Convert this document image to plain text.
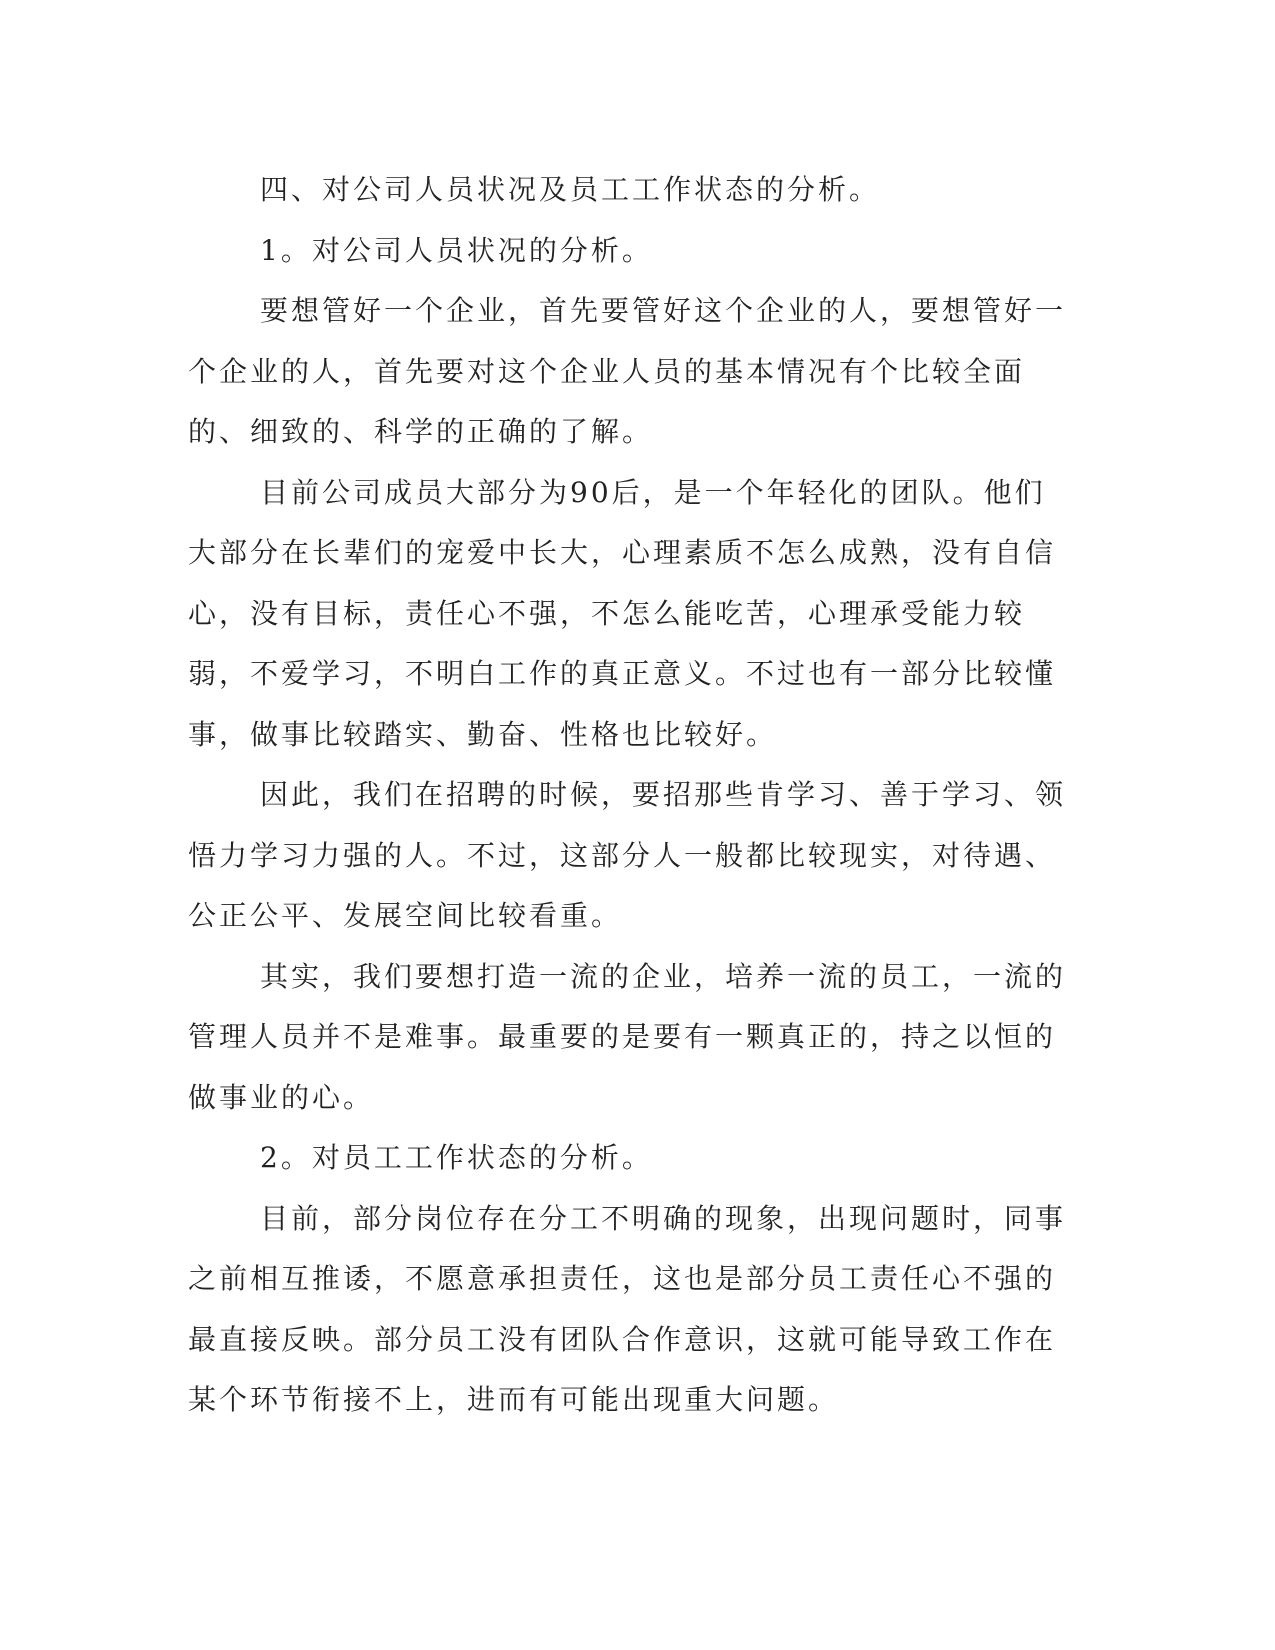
四、对公司人员状况及员工工作状态的分析。

1。对公司人员状况的分析。

要想管好一个企业，首先要管好这个企业的人，要想管好一个企业的人，首先要对这个企业人员的基本情况有个比较全面的、细致的、科学的正确的了解。

目前公司成员大部分为90后，是一个年轻化的团队。他们大部分在长辈们的宠爱中长大，心理素质不怎么成熟，没有自信心，没有目标，责任心不强，不怎么能吃苦，心理承受能力较弱，不爱学习，不明白工作的真正意义。不过也有一部分比较懂事，做事比较踏实、勤奋、性格也比较好。

因此，我们在招聘的时候，要招那些肯学习、善于学习、领悟力学习力强的人。不过，这部分人一般都比较现实，对待遇、公正公平、发展空间比较看重。

其实，我们要想打造一流的企业，培养一流的员工，一流的管理人员并不是难事。最重要的是要有一颗真正的，持之以恒的做事业的心。

2。对员工工作状态的分析。

目前，部分岗位存在分工不明确的现象，出现问题时，同事之前相互推诿，不愿意承担责任，这也是部分员工责任心不强的最直接反映。部分员工没有团队合作意识，这就可能导致工作在某个环节衔接不上，进而有可能出现重大问题。
